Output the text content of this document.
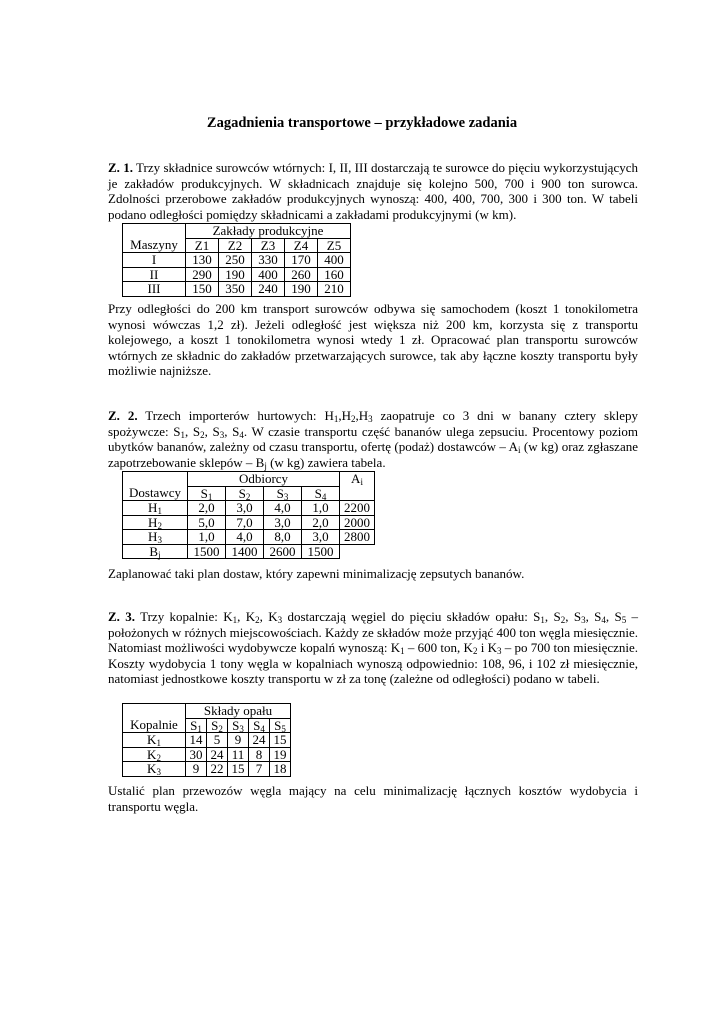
Zagadnienia transportowe – przykładowe zadania
Z. 1. Trzy składnice surowców wtórnych: I, II, III dostarczają te surowce do pięciu wykorzystujących je zakładów produkcyjnych. W składnicach znajduje się kolejno 500, 700 i 900 ton surowca. Zdolności przerobowe zakładów produkcyjnych wynoszą: 400, 400, 700, 300 i 300 ton. W tabeli podano odległości pomiędzy składnicami a zakładami produkcyjnymi (w km).
	Zakłady produkcyjne				
Maszyny	Z1	Z2	Z3	Z4	Z5
I	130	250	330	170	400
II	290	190	400	260	160
III	150	350	240	190	210
Przy odległości do 200 km transport surowców odbywa się samochodem (koszt 1 tonokilometra wynosi wówczas 1,2 zł). Jeżeli odległość jest większa niż 200 km, korzysta się z transportu kolejowego, a koszt 1 tonokilometra wynosi wtedy 1 zł. Opracować plan transportu surowców wtórnych ze składnic do zakładów przetwarzających surowce, tak aby łączne koszty transportu były możliwie najniższe.
Z. 2. Trzech importerów hurtowych: $H_1,H_2,H_3$ zaopatruje co 3 dni w banany cztery sklepy spożywcze: $S_1$, $S_2$, $S_3$, $S_4$. W czasie transportu część bananów ulega zepsuciu. Procentowy poziom ubytków bananów, zależny od czasu transportu, ofertę (podaż) dostawców – $A_i$ (w kg) oraz zgłaszane zapotrzebowanie sklepów – $B_j$ (w kg) zawiera tabela.
	Odbiorcy				$A_i$
Dostawcy	$S_1$	$S_2$	$S_3$	$S_4$	
$H_1$	2,0	3,0	4,0	1,0	2200
$H_2$	5,0	7,0	3,0	2,0	2000
$H_3$	1,0	4,0	8,0	3,0	2800
$B_j$	1500	1400	2600	1500	
Zaplanować taki plan dostaw, który zapewni minimalizację zepsutych bananów.
Z. 3. Trzy kopalnie: $K_1$, $K_2$, $K_3$ dostarczają węgiel do pięciu składów opału: $S_1$, $S_2$, $S_3$, $S_4$, $S_5$ – położonych w różnych miejscowościach. Każdy ze składów może przyjąć 400 ton węgla miesięcznie. Natomiast możliwości wydobywcze kopalń wynoszą: $K_1 - 600$ ton, $K_2$ i $K_3$ – po 700 ton miesięcznie. Koszty wydobycia 1 tony węgla w kopalniach wynoszą odpowiednio: 108, 96, i 102 zł miesięcznie, natomiast jednostkowe koszty transportu w zł za tonę (zależne od odległości) podano w tabeli.
	Składy opału				
Kopalnie	$S_1$	$S_2$	$S_3$	$S_4$	$S_5$
$K_1$	14	5	9	24	15
$K_2$	30	24	11	8	19
$K_3$	9	22	15	7	18
Ustalić plan przewozów węgla mający na celu minimalizację łącznych kosztów wydobycia i transportu węgla.
